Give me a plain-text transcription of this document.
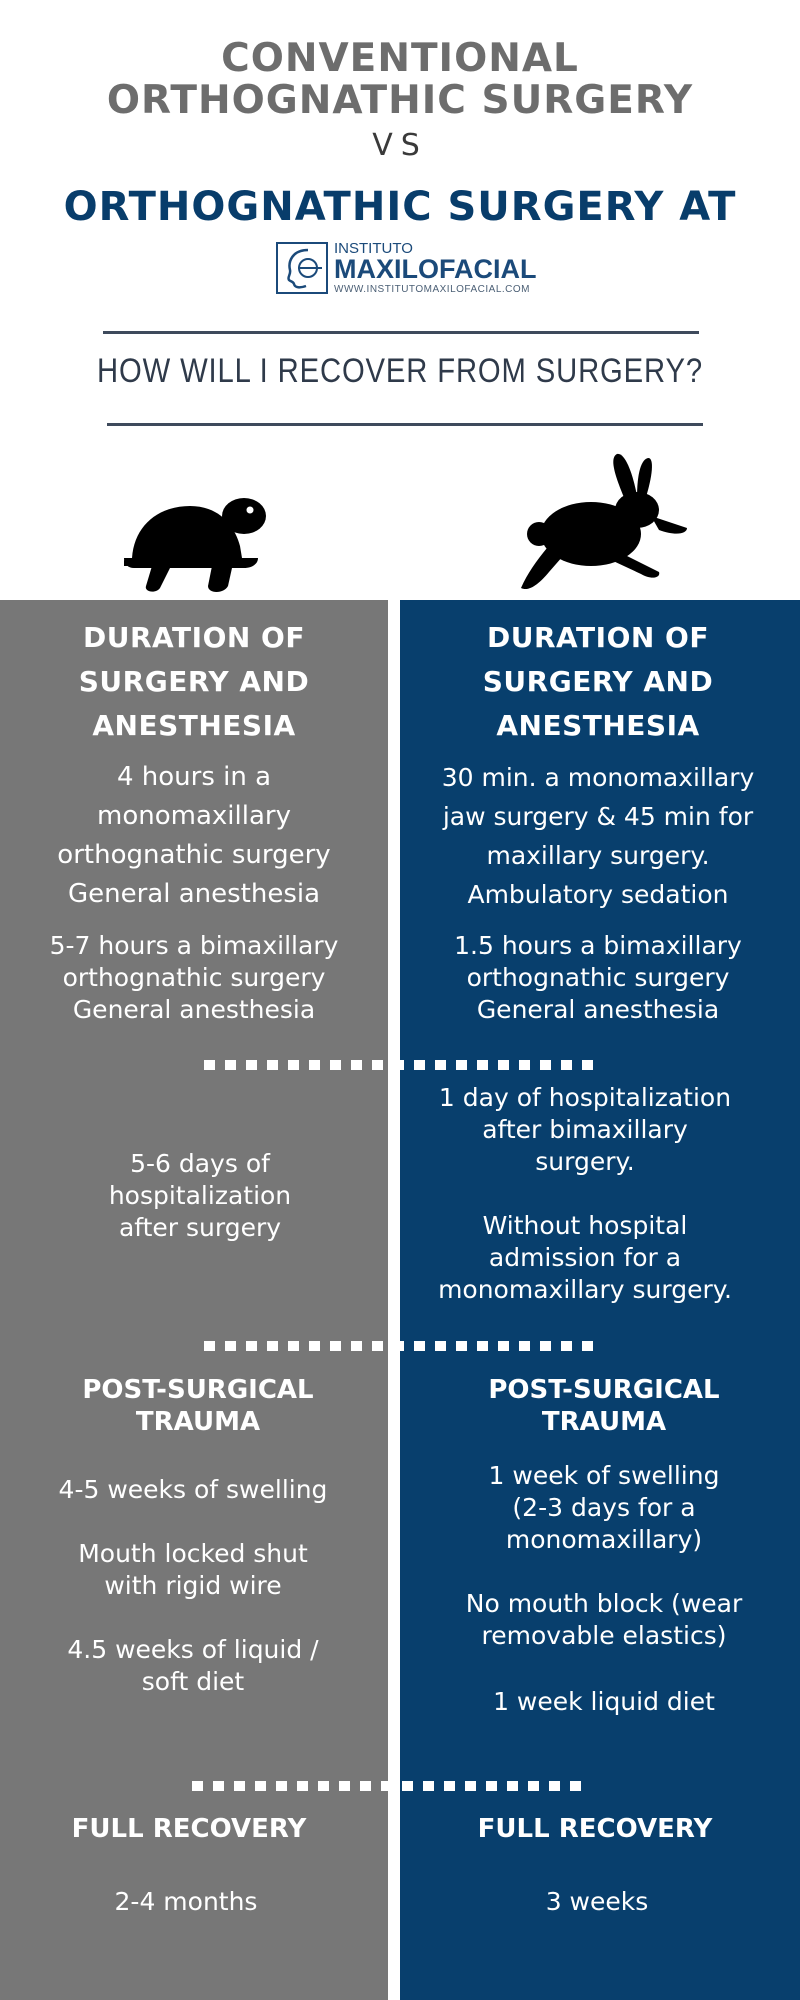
CONVENTIONAL
ORTHOGNATHIC SURGERY
VS
ORTHOGNATHIC SURGERY AT
INSTITUTO
MAXILOFACIAL
WWW.INSTITUTOMAXILOFACIAL.COM
HOW WILL I RECOVER FROM SURGERY?
DURATION OF
SURGERY AND
ANESTHESIA
4 hours in a
monomaxillary
orthognathic surgery
General anesthesia
5-7 hours a bimaxillary
orthognathic surgery
General anesthesia
5-6 days of
hospitalization
after surgery
POST-SURGICAL
TRAUMA
4-5 weeks of swelling
Mouth locked shut
with rigid wire
4.5 weeks of liquid /
soft diet
FULL RECOVERY
2-4 months
DURATION OF
SURGERY AND
ANESTHESIA
30 min. a monomaxillary
jaw surgery & 45 min for
maxillary surgery.
Ambulatory sedation
1.5 hours a bimaxillary
orthognathic surgery
General anesthesia
1 day of hospitalization
after bimaxillary
surgery.
Without hospital
admission for a
monomaxillary surgery.
POST-SURGICAL
TRAUMA
1 week of swelling
(2-3 days for a
monomaxillary)
No mouth block (wear
removable elastics)
1 week liquid diet
FULL RECOVERY
3 weeks
